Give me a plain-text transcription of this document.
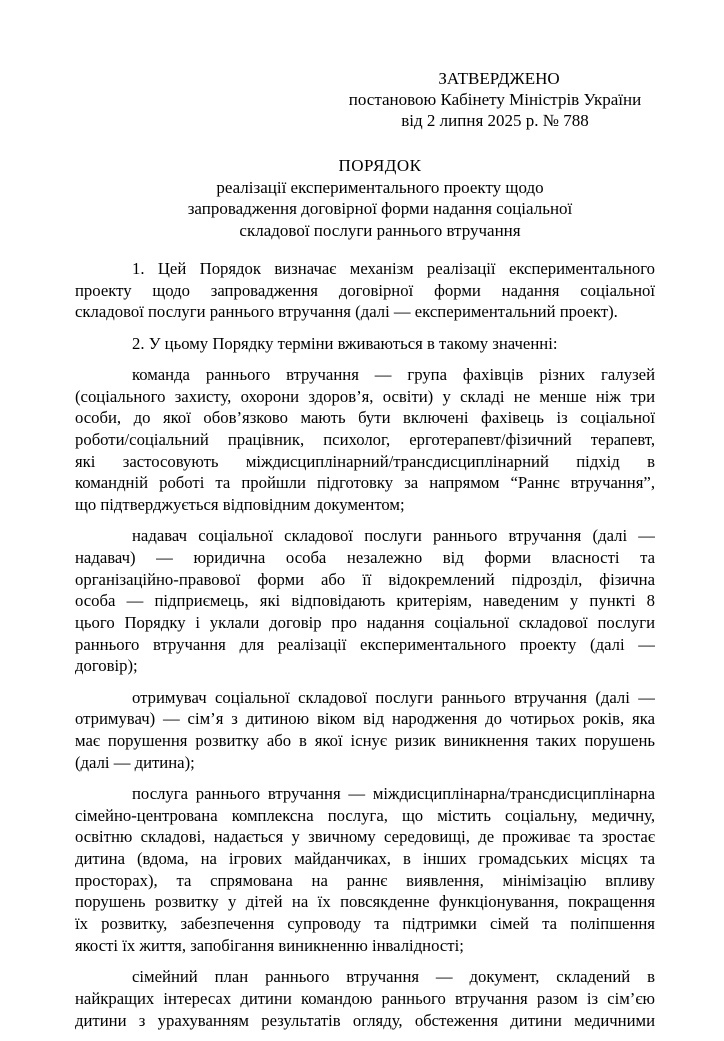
ЗАТВЕРДЖЕНО
постановою Кабінету Міністрів України
від 2 липня 2025 р. № 788
ПОРЯДОК
реалізації експериментального проекту щодо
запровадження договірної форми надання соціальної
складової послуги раннього втручання

1. Цей Порядок визначає механізм реалізації експериментального
проекту щодо запровадження договірної форми надання соціальної
складової послуги раннього втручання (далі — експериментальний проект).

2. У цьому Порядку терміни вживаються в такому значенні:

команда раннього втручання — група фахівців різних галузей
(соціального захисту, охорони здоров’я, освіти) у складі не менше ніж три
особи, до якої обов’язково мають бути включені фахівець із соціальної
роботи/соціальний працівник, психолог, ерготерапевт/фізичний терапевт,
які застосовують міждисциплінарний/трансдисциплінарний підхід в
командній роботі та пройшли підготовку за напрямом “Раннє втручання”,
що підтверджується відповідним документом;

надавач соціальної складової послуги раннього втручання (далі —
надавач) — юридична особа незалежно від форми власності та
організаційно-правової форми або її відокремлений підрозділ, фізична
особа — підприємець, які відповідають критеріям, наведеним у пункті 8
цього Порядку і уклали договір про надання соціальної складової послуги
раннього втручання для реалізації експериментального проекту (далі —
договір);

отримувач соціальної складової послуги раннього втручання (далі —
отримувач) — сім’я з дитиною віком від народження до чотирьох років, яка
має порушення розвитку або в якої існує ризик виникнення таких порушень
(далі — дитина);

послуга раннього втручання — міждисциплінарна/трансдисциплінарна
сімейно-центрована комплексна послуга, що містить соціальну, медичну,
освітню складові, надається у звичному середовищі, де проживає та зростає
дитина (вдома, на ігрових майданчиках, в інших громадських місцях та
просторах), та спрямована на раннє виявлення, мінімізацію впливу
порушень розвитку у дітей на їх повсякденне функціонування, покращення
їх розвитку, забезпечення супроводу та підтримки сімей та поліпшення
якості їх життя, запобігання виникненню інвалідності;

сімейний план раннього втручання — документ, складений в
найкращих інтересах дитини командою раннього втручання разом із сім’єю
дитини з урахуванням результатів огляду, обстеження дитини медичними
